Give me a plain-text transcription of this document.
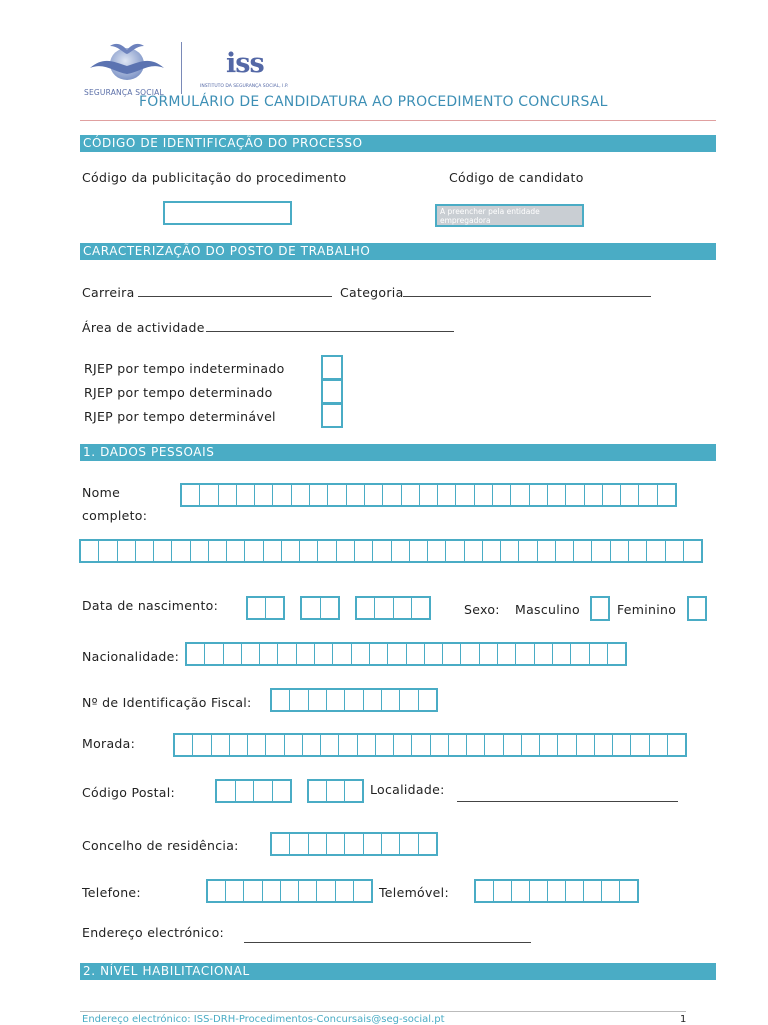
SEGURANÇA SOCIAL
iss
INSTITUTO DA SEGURANÇA SOCIAL, I.P.
FORMULÁRIO DE CANDIDATURA AO PROCEDIMENTO CONCURSAL
CÓDIGO DE IDENTIFICAÇÃO DO PROCESSO
Código da publicitação do procedimento	Código de candidato
A preencher pela entidade empregadora
CARACTERIZAÇÃO DO POSTO DE TRABALHO
Carreira	Categoria
Área de actividade
RJEP por tempo indeterminado
RJEP por tempo determinado
RJEP por tempo determinável
1. DADOS PESSOAIS
Nome
completo:
Data de nascimento:	Sexo: Masculino	Feminino
Nacionalidade:
Nº de Identificação Fiscal:
Morada:
Código Postal:	Localidade:
Concelho de residência:
Telefone:	Telemóvel:
Endereço electrónico:
2. NÍVEL HABILITACIONAL
Endereço electrónico: ISS-DRH-Procedimentos-Concursais@seg-social.pt	1
